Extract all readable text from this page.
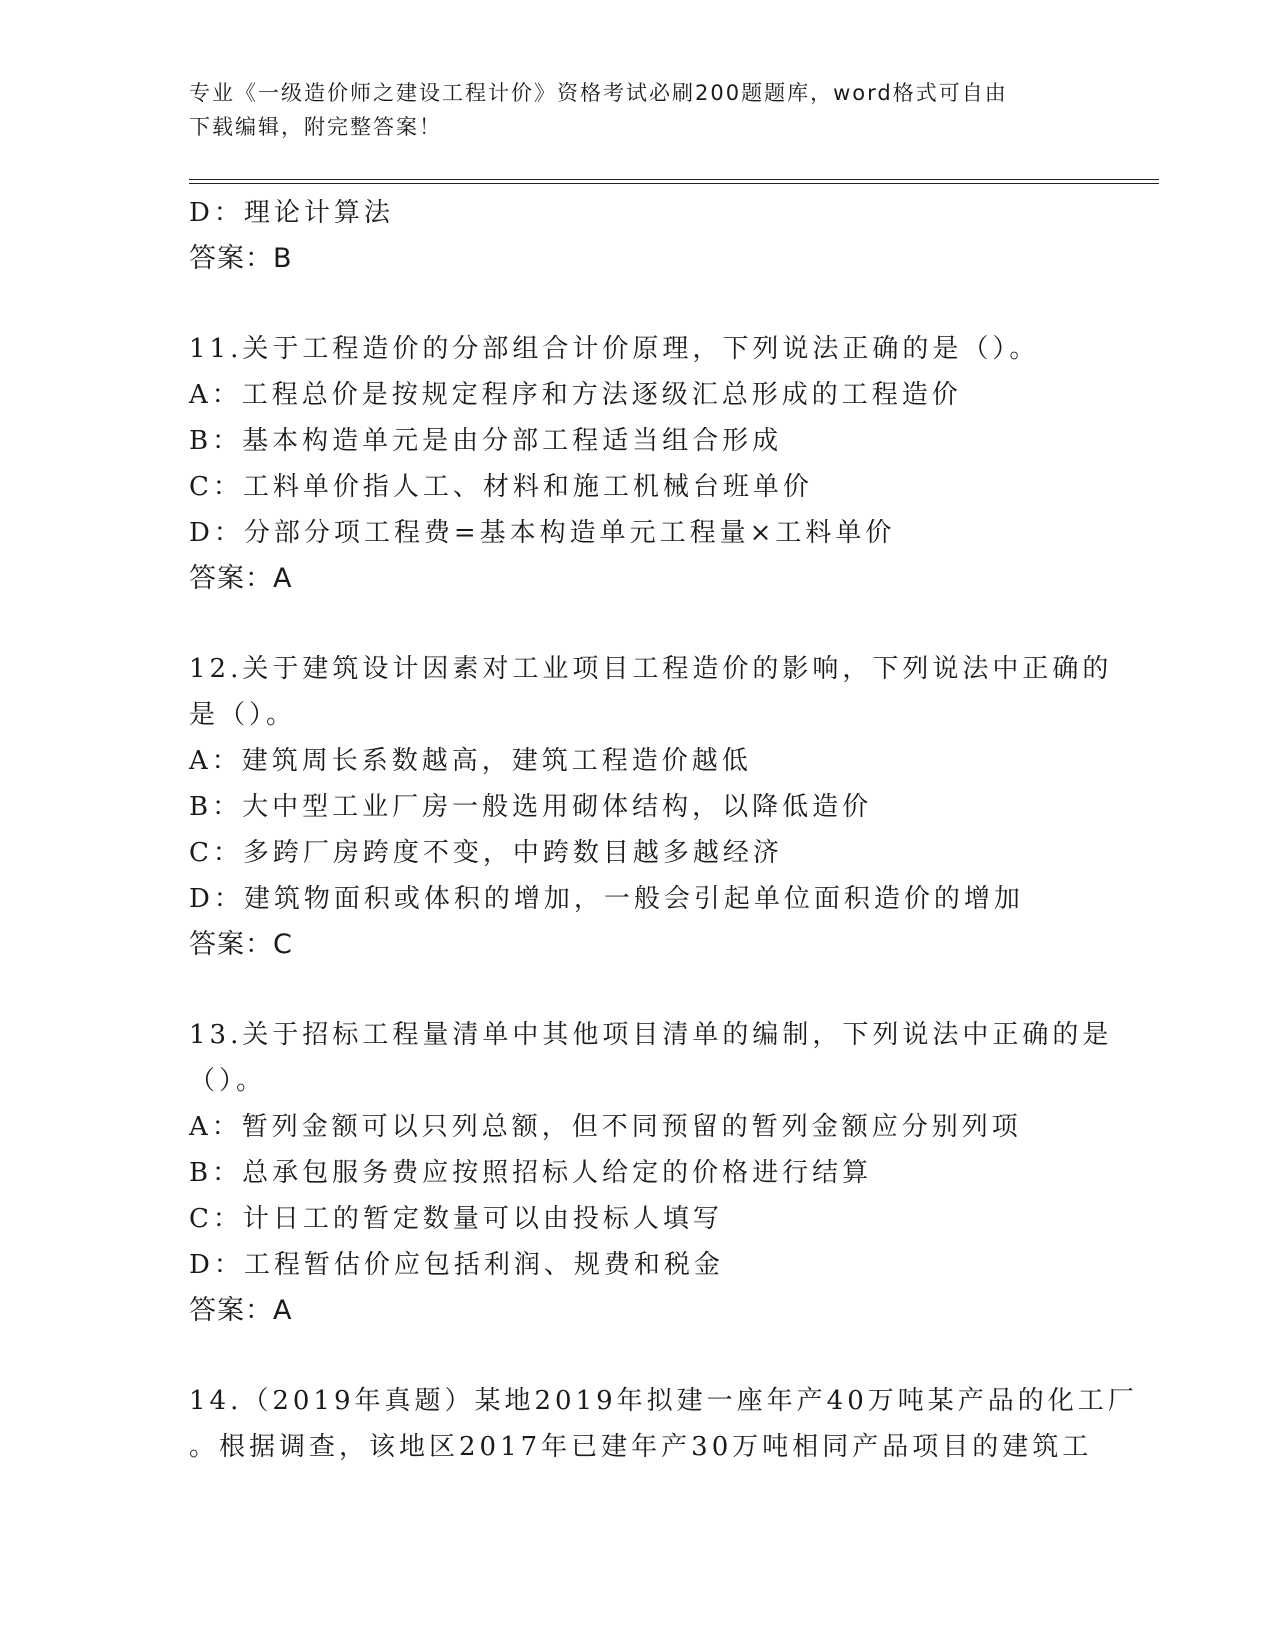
专业《一级造价师之建设工程计价》资格考试必刷200题题库，word格式可自由
下载编辑，附完整答案！
D：理论计算法
答案：B
11.关于工程造价的分部组合计价原理，下列说法正确的是（）。
A：工程总价是按规定程序和方法逐级汇总形成的工程造价
B：基本构造单元是由分部工程适当组合形成
C：工料单价指人工、材料和施工机械台班单价
D：分部分项工程费=基本构造单元工程量×工料单价
答案：A
12.关于建筑设计因素对工业项目工程造价的影响，下列说法中正确的
是（）。
A：建筑周长系数越高，建筑工程造价越低
B：大中型工业厂房一般选用砌体结构，以降低造价
C：多跨厂房跨度不变，中跨数目越多越经济
D：建筑物面积或体积的增加，一般会引起单位面积造价的增加
答案：C
13.关于招标工程量清单中其他项目清单的编制，下列说法中正确的是
（）。
A：暂列金额可以只列总额，但不同预留的暂列金额应分别列项
B：总承包服务费应按照招标人给定的价格进行结算
C：计日工的暂定数量可以由投标人填写
D：工程暂估价应包括利润、规费和税金
答案：A
14.（2019年真题）某地2019年拟建一座年产40万吨某产品的化工厂
。根据调查，该地区2017年已建年产30万吨相同产品项目的建筑工
